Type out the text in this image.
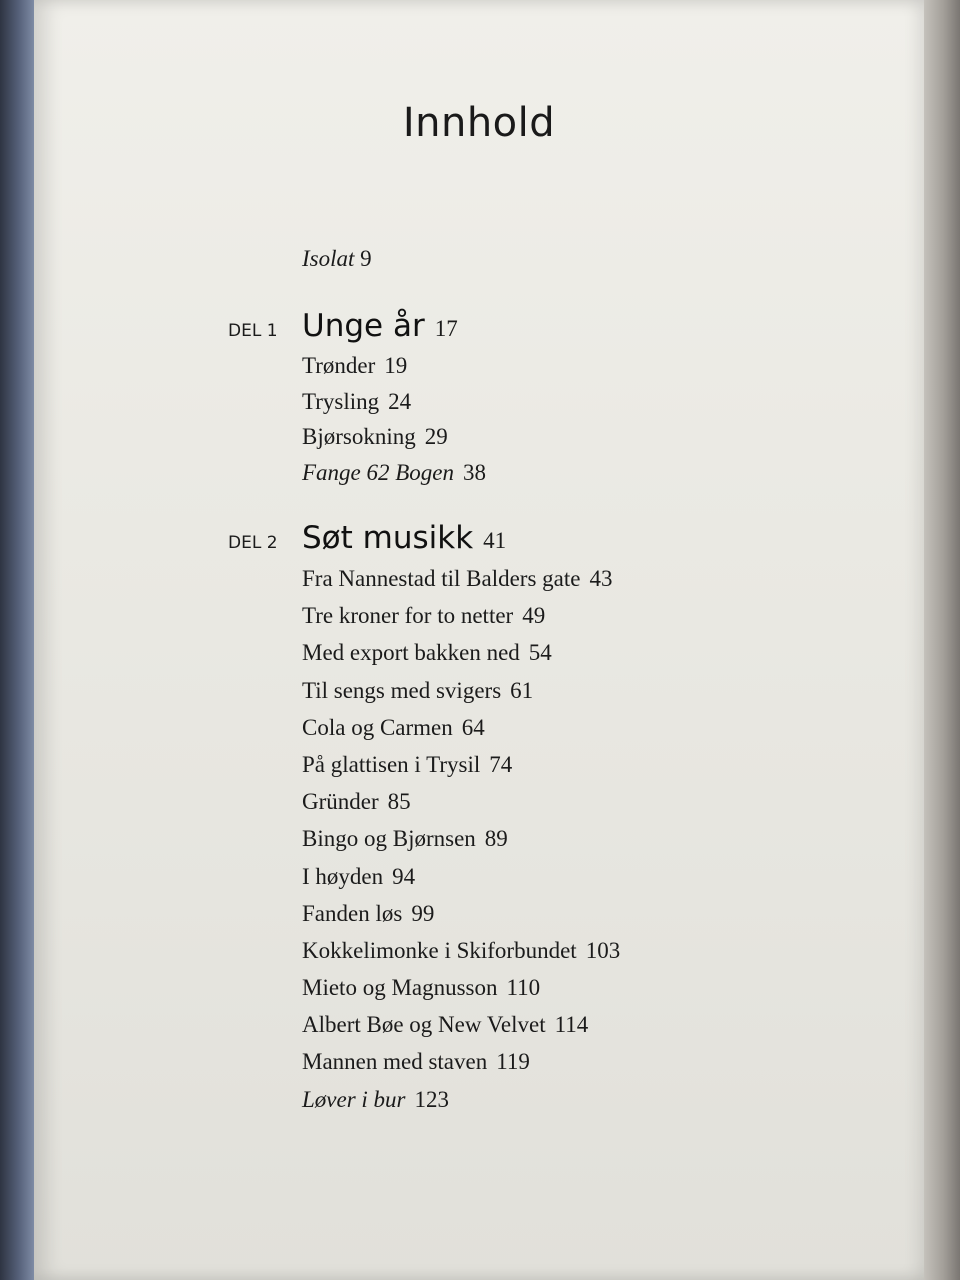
Innhold
Isolat 9
DEL 1 Unge år 17
Trønder 19
Trysling 24
Bjørsokning 29
Fange 62 Bogen 38
DEL 2 Søt musikk 41
Fra Nannestad til Balders gate 43
Tre kroner for to netter 49
Med export bakken ned 54
Til sengs med svigers 61
Cola og Carmen 64
På glattisen i Trysil 74
Gründer 85
Bingo og Bjørnsen 89
I høyden 94
Fanden løs 99
Kokkelimonke i Skiforbundet 103
Mieto og Magnusson 110
Albert Bøe og New Velvet 114
Mannen med staven 119
Løver i bur 123
